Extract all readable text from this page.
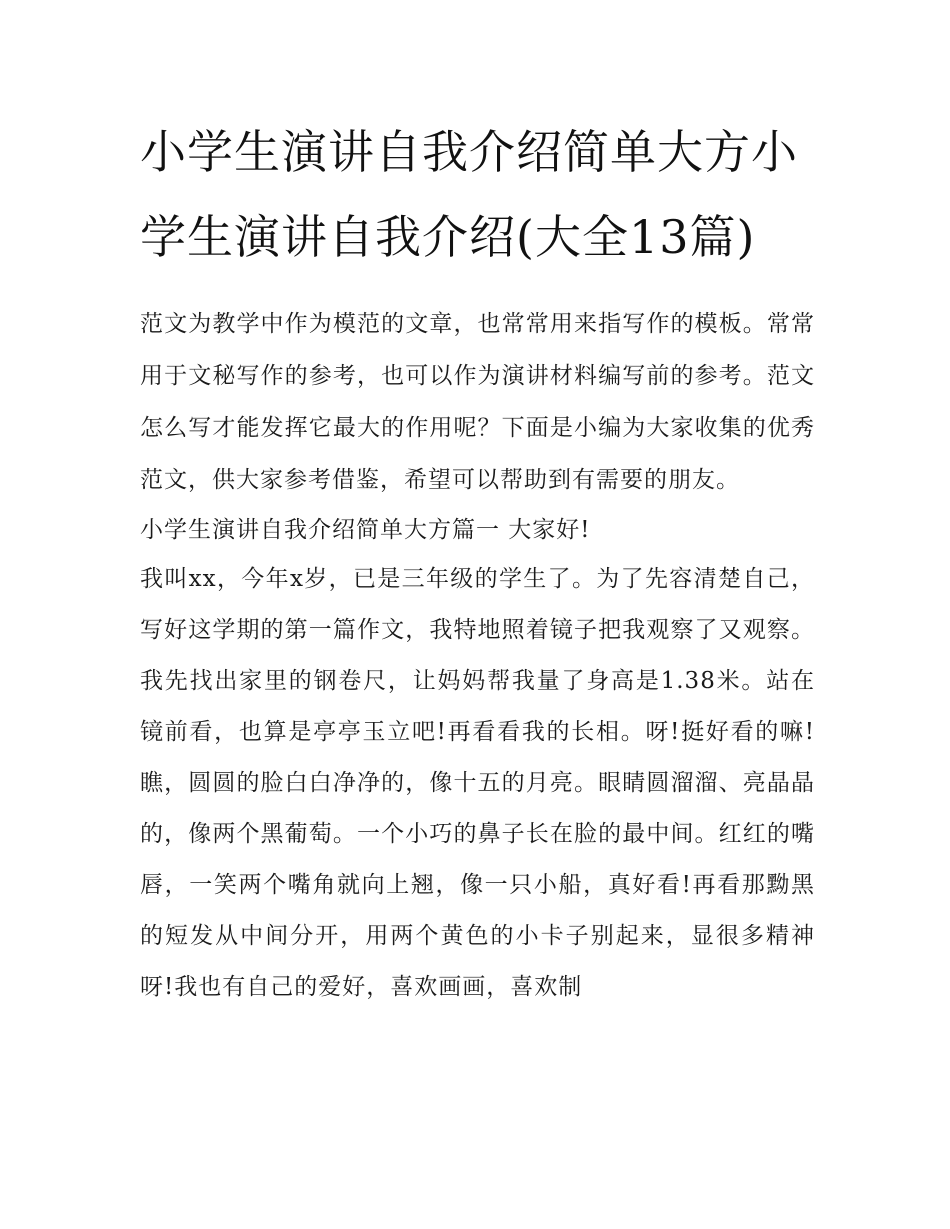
小学生演讲自我介绍简单大方小学生演讲自我介绍(大全13篇)

范文为教学中作为模范的文章，也常常用来指写作的模板。常常用于文秘写作的参考，也可以作为演讲材料编写前的参考。范文怎么写才能发挥它最大的作用呢？下面是小编为大家收集的优秀范文，供大家参考借鉴，希望可以帮助到有需要的朋友。

小学生演讲自我介绍简单大方篇一 大家好!

我叫xx，今年x岁，已是三年级的学生了。为了先容清楚自己，写好这学期的第一篇作文，我特地照着镜子把我观察了又观察。我先找出家里的钢卷尺，让妈妈帮我量了身高是1.38米。站在镜前看，也算是亭亭玉立吧!再看看我的长相。呀!挺好看的嘛!瞧，圆圆的脸白白净净的，像十五的月亮。眼睛圆溜溜、亮晶晶的，像两个黑葡萄。一个小巧的鼻子长在脸的最中间。红红的嘴唇，一笑两个嘴角就向上翘，像一只小船，真好看!再看那黝黑的短发从中间分开，用两个黄色的小卡子别起来，显很多精神呀!我也有自己的爱好，喜欢画画，喜欢制
